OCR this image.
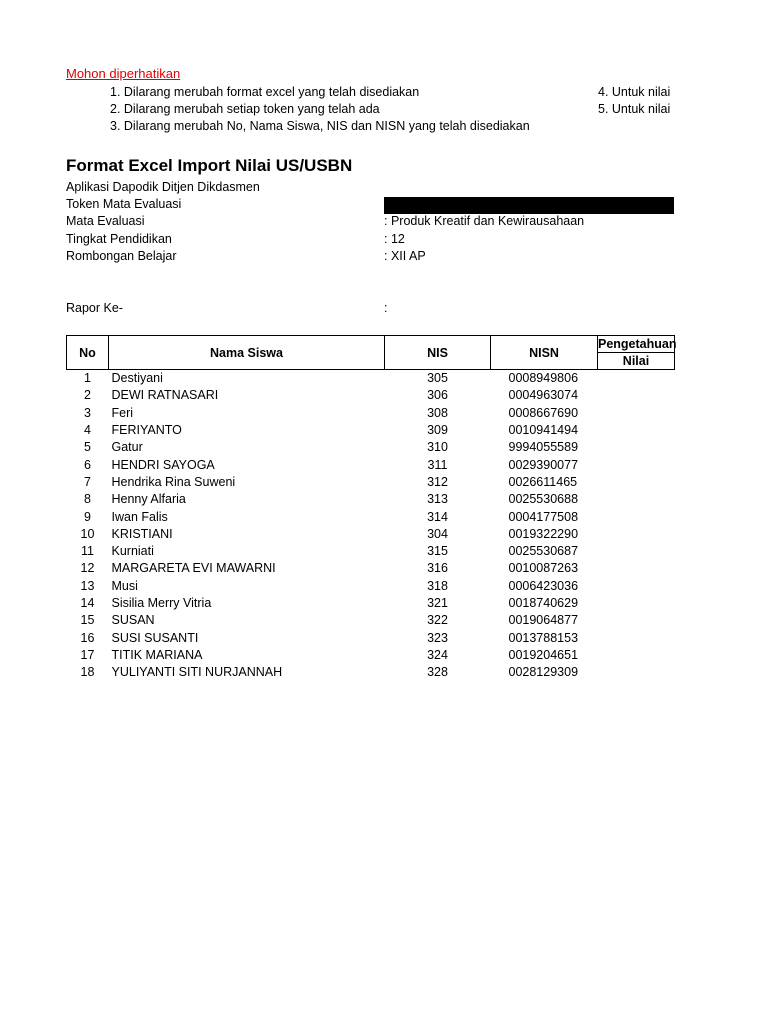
Mohon diperhatikan
1. Dilarang merubah format excel yang telah disediakan
2. Dilarang merubah setiap token yang telah ada
3. Dilarang merubah No, Nama Siswa, NIS dan NISN yang telah disediakan
4. Untuk nilai
5. Untuk nilai
Format Excel Import Nilai US/USBN
Aplikasi Dapodik Ditjen Dikdasmen
Token Mata Evaluasi
Mata Evaluasi	: Produk Kreatif dan Kewirausahaan
Tingkat Pendidikan	: 12
Rombongan Belajar	: XII AP
Rapor Ke-	:
No	Nama Siswa	NIS	NISN	Pengetahuan
				Nilai
1	Destiyani	305	0008949806	
2	DEWI RATNASARI	306	0004963074	
3	Feri	308	0008667690	
4	FERIYANTO	309	0010941494	
5	Gatur	310	9994055589	
6	HENDRI SAYOGA	311	0029390077	
7	Hendrika Rina Suweni	312	0026611465	
8	Henny Alfaria	313	0025530688	
9	Iwan Falis	314	0004177508	
10	KRISTIANI	304	0019322290	
11	Kurniati	315	0025530687	
12	MARGARETA EVI MAWARNI	316	0010087263	
13	Musi	318	0006423036	
14	Sisilia Merry Vitria	321	0018740629	
15	SUSAN	322	0019064877	
16	SUSI SUSANTI	323	0013788153	
17	TITIK MARIANA	324	0019204651	
18	YULIYANTI SITI NURJANNAH	328	0028129309	
